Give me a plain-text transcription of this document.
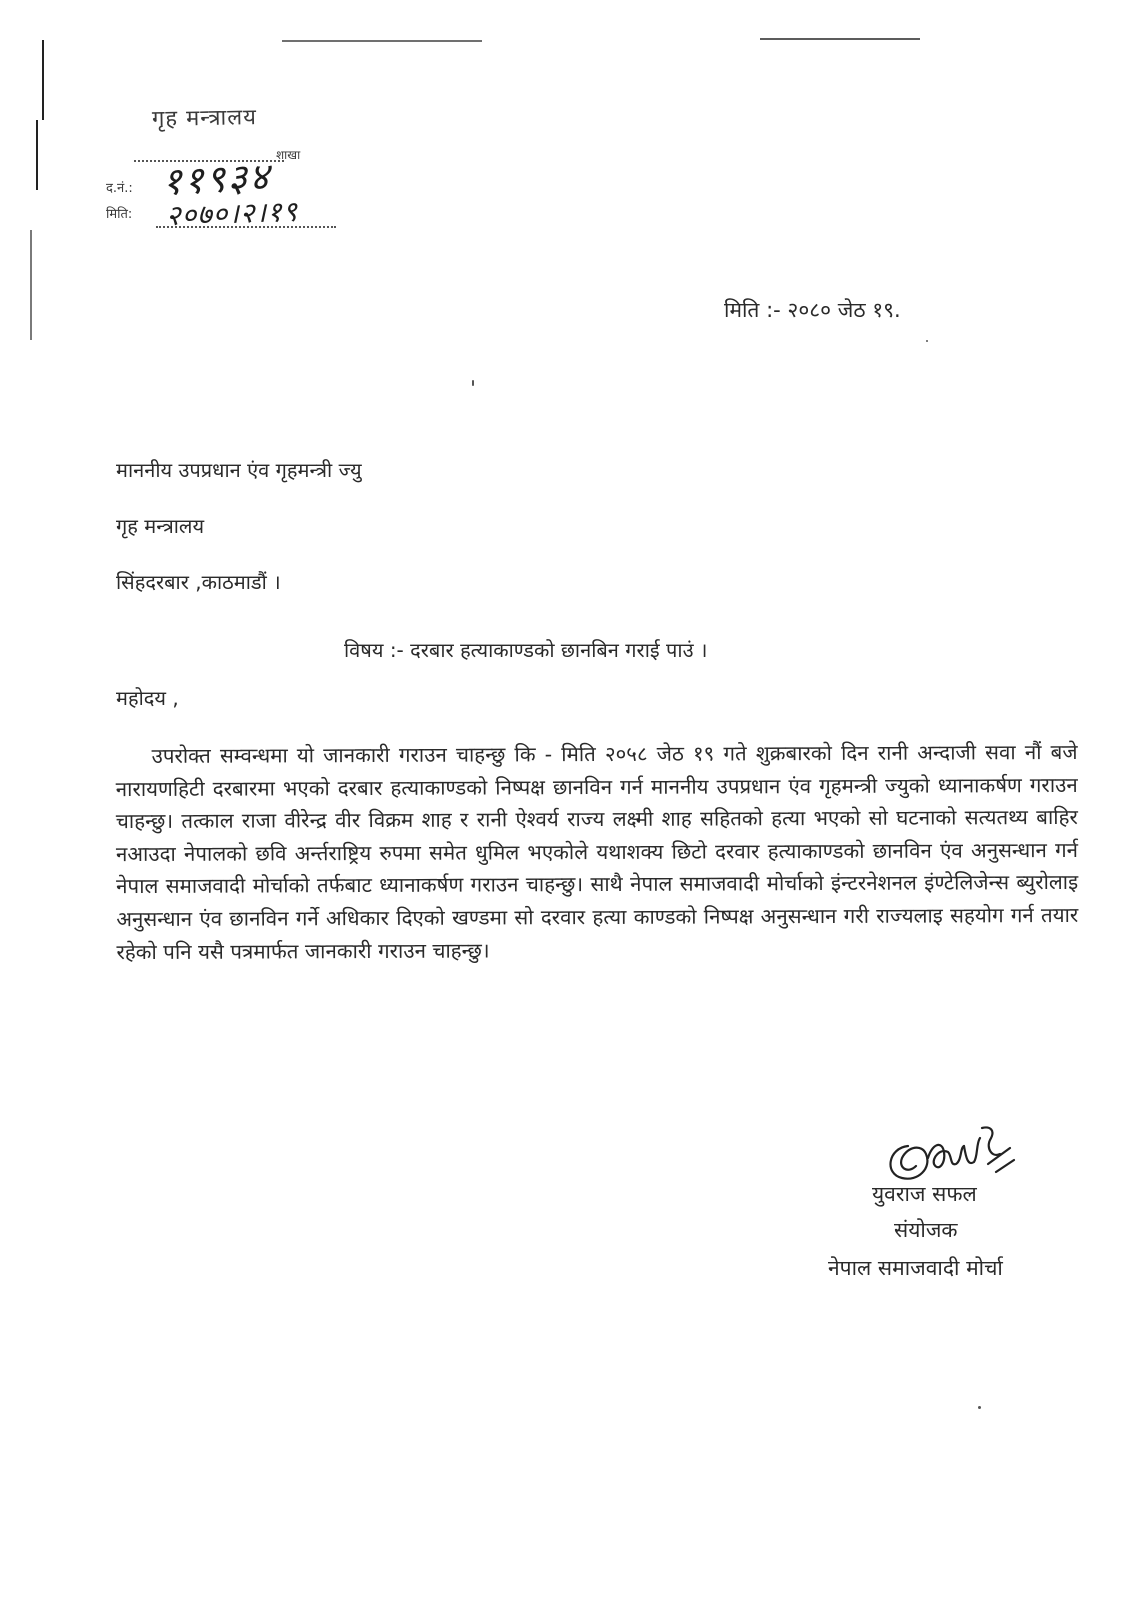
गृह मन्त्रालय
शाखा
द.नं.: ११९३४
मिति: २०७०।२।१९
मिति :- २०८० जेठ १९.
माननीय उपप्रधान एंव गृहमन्त्री ज्यु
गृह मन्त्रालय
सिंहदरबार ,काठमाडौं ।
विषय :- दरबार हत्याकाण्डको छानबिन गराई पाउं ।
महोदय ,
उपरोक्त सम्वन्धमा यो जानकारी गराउन चाहन्छु कि - मिति २०५८ जेठ १९ गते शुक्रबारको दिन रानी अन्दाजी सवा नौं बजे नारायणहिटी दरबारमा भएको दरबार हत्याकाण्डको निष्पक्ष छानविन गर्न माननीय उपप्रधान एंव गृहमन्त्री ज्युको ध्यानाकर्षण गराउन चाहन्छु। तत्काल राजा वीरेन्द्र वीर विक्रम शाह र रानी ऐश्वर्य राज्य लक्ष्मी शाह सहितको हत्या भएको सो घटनाको सत्यतथ्य बाहिर नआउदा नेपालको छवि अर्न्तराष्ट्रिय रुपमा समेत धुमिल भएकोले यथाशक्य छिटो दरवार हत्याकाण्डको छानविन एंव अनुसन्धान गर्न नेपाल समाजवादी मोर्चाको तर्फबाट ध्यानाकर्षण गराउन चाहन्छु। साथै नेपाल समाजवादी मोर्चाको इंन्टरनेशनल इंण्टेलिजेन्स ब्युरोलाइ अनुसन्धान एंव छानविन गर्ने अधिकार दिएको खण्डमा सो दरवार हत्या काण्डको निष्पक्ष अनुसन्धान गरी राज्यलाइ सहयोग गर्न तयार रहेको पनि यसै पत्रमार्फत जानकारी गराउन चाहन्छु।
युवराज सफल
संयोजक
नेपाल समाजवादी मोर्चा
